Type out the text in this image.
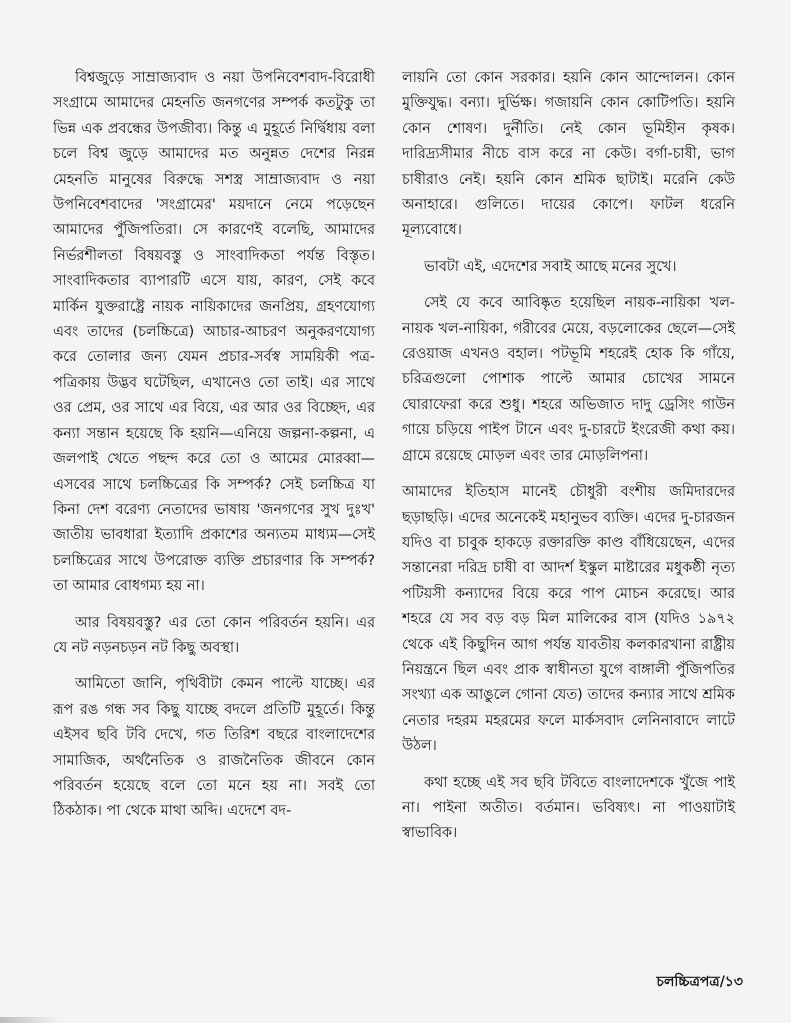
বিশ্বজুড়ে সাম্রাজ্যবাদ ও নয়া উপনিবেশবাদ-বিরোধী সংগ্রামে আমাদের মেহনতি জনগণের সম্পর্ক কতটুকু তা ভিন্ন এক প্রবন্ধের উপজীব্য। কিন্তু এ মুহূর্তে নির্দ্বিধায় বলা চলে বিশ্ব জুড়ে আমাদের মত অনুন্নত দেশের নিরন্ন মেহনতি মানুষের বিরুদ্ধে সশস্ত্র সাম্রাজ্যবাদ ও নয়া উপনিবেশবাদের 'সংগ্রামের' ময়দানে নেমে পড়েছেন আমাদের পুঁজিপতিরা। সে কারণেই বলেছি, আমাদের নির্ভরশীলতা বিষয়বস্তু ও সাংবাদিকতা পর্যন্ত বিস্তৃত। সাংবাদিকতার ব্যাপারটি এসে যায়, কারণ, সেই কবে মার্কিন যুক্তরাষ্ট্রে নায়ক নায়িকাদের জনপ্রিয়, গ্রহণযোগ্য এবং তাদের (চলচ্চিত্রে) আচার-আচরণ অনুকরণযোগ্য করে তোলার জন্য যেমন প্রচার-সর্বস্ব সাময়িকী পত্র-পত্রিকায় উদ্ভব ঘটেছিল, এখানেও তো তাই। এর সাথে ওর প্রেম, ওর সাথে এর বিয়ে, এর আর ওর বিচ্ছেদ, এর কন্যা সন্তান হয়েছে কি হয়নি—এনিয়ে জল্পনা-কল্পনা, এ জলপাই খেতে পছন্দ করে তো ও আমের মোরব্বা—এসবের সাথে চলচ্চিত্রের কি সম্পর্ক? সেই চলচ্চিত্র যা কিনা দেশ বরেণ্য নেতাদের ভাষায় 'জনগণের সুখ দুঃখ' জাতীয় ভাবধারা ইত্যাদি প্রকাশের অন্যতম মাধ্যম—সেই চলচ্চিত্রের সাথে উপরোক্ত ব্যক্তি প্রচারণার কি সম্পর্ক? তা আমার বোধগম্য হয় না।

আর বিষয়বস্তু? এর তো কোন পরিবর্তন হয়নি। এর যে নট নড়নচড়ন নট কিছু অবস্থা।

আমিতো জানি, পৃথিবীটা কেমন পাল্টে যাচ্ছে। এর রূপ রঙ গন্ধ সব কিছু যাচ্ছে বদলে প্রতিটি মুহূর্তে। কিন্তু এইসব ছবি টবি দেখে, গত তিরিশ বছরে বাংলাদেশের সামাজিক, অর্থনৈতিক ও রাজনৈতিক জীবনে কোন পরিবর্তন হয়েছে বলে তো মনে হয় না। সবই তো ঠিকঠাক। পা থেকে মাথা অব্দি। এদেশে বদ-

লায়নি তো কোন সরকার। হয়নি কোন আন্দোলন। কোন মুক্তিযুদ্ধ। বন্যা। দুর্ভিক্ষ। গজায়নি কোন কোটিপতি। হয়নি কোন শোষণ। দুর্নীতি। নেই কোন ভূমিহীন কৃষক। দারিদ্র্যসীমার নীচে বাস করে না কেউ। বর্গা-চাষী, ভাগ চাষীরাও নেই। হয়নি কোন শ্রমিক ছাটাই। মরেনি কেউ অনাহারে। গুলিতে। দায়ের কোপে। ফাটল ধরেনি মূল্যবোধে।

ভাবটা এই, এদেশের সবাই আছে মনের সুখে।

সেই যে কবে আবিষ্কৃত হয়েছিল নায়ক-নায়িকা খল-নায়ক খল-নায়িকা, গরীবের মেয়ে, বড়লোকের ছেলে—সেই রেওয়াজ এখনও বহাল। পটভূমি শহরেই হোক কি গাঁয়ে, চরিত্রগুলো পোশাক পাল্টে আমার চোখের সামনে ঘোরাফেরা করে শুধু। শহরে অভিজাত দাদু ড্রেসিং গাউন গায়ে চড়িয়ে পাইপ টানে এবং দু-চারটে ইংরেজী কথা কয়। গ্রামে রয়েছে মোড়ল এবং তার মোড়লিপনা।

আমাদের ইতিহাস মানেই চৌধুরী বংশীয় জমিদারদের ছড়াছড়ি। এদের অনেকেই মহানুভব ব্যক্তি। এদের দু-চারজন যদিও বা চাবুক হাকড়ে রক্তারক্তি কাণ্ড বাঁধিয়েছেন, এদের সন্তানেরা দরিদ্র চাষী বা আদর্শ ইস্কুল মাষ্টারের মধুকষ্ঠী নৃত্য পটিয়সী কন্যাদের বিয়ে করে পাপ মোচন করেছে। আর শহরে যে সব বড় বড় মিল মালিকের বাস (যদিও ১৯৭২ থেকে এই কিছুদিন আগ পর্যন্ত যাবতীয় কলকারখানা রাষ্ট্রীয় নিয়ন্ত্রনে ছিল এবং প্রাক স্বাধীনতা যুগে বাঙ্গালী পুঁজিপতির সংখ্যা এক আঙুলে গোনা যেত) তাদের কন্যার সাথে শ্রমিক নেতার দহরম মহরমের ফলে মার্কসবাদ লেনিনাবাদে লাটে উঠল।

কথা হচ্ছে এই সব ছবি টবিতে বাংলাদেশকে খুঁজে পাই না। পাইনা অতীত। বর্তমান। ভবিষ্যৎ। না পাওয়াটাই স্বাভাবিক।

চলচ্চিত্রপত্র/১৩
